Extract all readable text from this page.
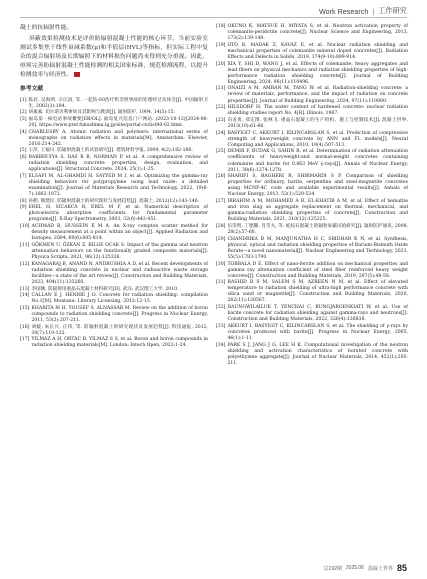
Work Research | 工作研究

凝土的抗辐射性能。

屏蔽效果检测技术是评价防辐射混凝土性能的核心环节。当前实验室测试多集焦于线性衰减系数(μ)和半值层(HVL)等指标，但实际工程中复杂的混合辐射场及长期辐照下的材料损伤问题尚未得到充分重视。因此，亟须完善防辐射混凝土性能检测的相关国家标准，规范检测流程，以提升检测效率与经济性。	E

参考文献
[1] 陈岩, 吴海明, 辛庆国, 等. 一起钴-60治疗机非照事故的处理经过及体会[J]. 中国辐射卫生, 2002(3):184.
[2] 胡素素. 切尔诺贝利事故及其影响与教训[J]. 辐射防护, 1994, 14(5):15.
[3] 福岛第一核电站事故概要[EB/OL]. 福岛复兴信息门户网站. (2023-10-12)[2024-06-20]. https://www.pref.fukushima.lg.jp/site/portal-cn/list90-02.html.
[4] CHARLESBY A. Atomic radiation and polymers: international series of monographs on radiation effects in materials[M]. Amsterdam: Elsevier, 2016:214-242.
[5] 王萍, 王福川. 防辐射混凝土的试验研究[J]. 建筑材料学报, 2009, 4(2):182-186.
[6] BARBHUIYA S, DAS B B, NORMAN P, et al. A comprehensive review of radiation shielding concrete: properties, design, evaluation, and applications[J]. Structural Concrete, 2024, 25(1):1-25.
[7] ELSAFI M, AL-GHAMDI H, SAYYED M I, et al. Optimizing the gamma-ray shielding behaviors for polypropylene using lead oxide: a detailed examination[J]. Journal of Materials Research and Technology, 2022, 19(6-7):1862-1872.
[8] 孙鹤, 熊建民. 防辐射混凝土的研究现状与发展趋势[J]. 混凝土, 2012(12):143-146.
[9] EREL H, SICAKCA R, EREL M F, et al. Numerical description of photoelectric absorption coefficients for fundamental parameter programs[J]. X-Ray Spectrometry, 2003, 32(6):442-451.
[10] ACHMAD B, HUSSEIN E M A. An X-ray compton scatter method for density measurement at a point within an object[J]. Applied Radiation and Isotopes, 2004, 60(6):805-814.
[11] GÖKMEN U, ÖZKAN Z, BILGE OCAK S. Impact of the gamma and neutron attenuation behaviors on the functionally graded composite materials[J]. Physica Scripta, 2021, 96(12):125326.
[12] KANAGARAJ B, ANAND N, ANDRUSHIA A D, et al. Recent developments of radiation shielding concrete in nuclear and radioactive waste storage facilities—a state of the art review[J]. Construction and Building Materials, 2023, 404(11):133260.
[13] 李国刚. 防辐射用重晶石混凝土材料研究[D]. 武汉: 武汉理工大学, 2010.
[14] CALLAN E J, HENRIE J O. Concrete for radiation shielding: compilation No.1[M]. Montana: Literary Licensing, 2012:12-15.
[15] KHARITA M H, YOUSEF S, ALNASSAR M. Review on the addition of boron compounds to radiation shielding concrete[J]. Progress in Nuclear Energy, 2011, 53(2):207-211.
[16] 刘媛, 朱长兵, 庄伟, 等. 防辐射混凝土的研究现状及发展趋势[J]. 科技通报, 2012, 30(7):119-122.
[17] YILMAZ A H, ORTAC B, YILMAZ S S, et al. Boron and boron compounds in radiation shielding materials[M]. London: Intech Open, 2023:1-24.
[18] OKUNO K, MATSUE H, MIYATA S, et al. Neutron activation property of colemanite-peridotite concrete[J]. Nuclear Science and Engineering, 2013, 173(2):139-149.
[19] OTO B, MADAK Z, KAVAZ E, et al. Nuclear radiation shielding and mechanical properties of colemanite mineral doped concretes[J]. Radiation Effects and Defects in Solids, 2019, 174(9-10):899-914.
[20] XIA Y, SHI D, WANG J, et al. Effects of colemanite, heavy aggregates and lead fibers on physical mechanics and radiation shielding properties of high-performance radiation shielding concrete[J]. Journal of Building Engineering, 2024, 96(11):110496.
[21] ONAIZI A M, AMRAN M, TANG W, et al. Radiation-shielding concrete: a review of materials, performance, and the impact of radiation on concrete properties[J]. Journal of Building Engineering, 2024, 97(11):110800.
[22] HILSDORF H. The water content of hardened concrete: nuclear radiation shielding studies report No. 4[R]. Illinois, 1967.
[23] 向龙勇, 邓定博, 张林飞. 重晶石混凝土的生产组织、施工与控制技术[J]. 混凝土世界, 2013(10):61-66.
[24] BASYIGIT C, AKKURT I, KILINCARSLAN S, et al. Prediction of compressive strength of heavyweight concrete by ANN and FL models[J]. Neural Computing and Applications, 2010, 19(4):507-513.
[25] DEMIR F, BUDAK G, SAHIN R, et al. Determination of radiation attenuation coefficients of heavyweight-and normal-weight concretes containing colemanite and barite for 0.863 MeV γ-rays[J]. Annals of Nuclear Energy, 2011, 38(6):1274-1278.
[26] SHARIFI S, BAGHERI R, SHIRMARDI S P. Comparison of shielding properties for ordinary, barite, serpentine and steel-magnetite concretes using MCNP-4C code and available experimental results[J]. Annals of Nuclear Energy, 2013, 53(1):529-534.
[27] IBRAHIM A M, MOHAMED A R, EL-KHATIB A M, et al. Effect of hematite and iron slag as aggregate replacement on thermal, mechanical, and gamma-radiation shielding properties of concrete[J]. Construction and Building Materials, 2021, 310(12):125225.
[28] 伍崇明, 丁德馨, 肖雪夫, 等. 蛇纹石混凝土的辐射屏蔽试验研究[J]. 辐射防护通讯, 2008, 28(2):57-60.
[29] CHANDRIKA B M, MANJUNATHA H C, SRIDHAR K N, et al. Synthesis, physical, optical and radiation shielding properties of Barium-Bismuth Oxide Borate—a novel nanomaterial[J]. Nuclear Engineering and Technology, 2023, 55(5):1783-1790.
[30] TOBBALA D E. Effect of nano-ferrite addition on mechanical properties and gamma ray attenuation coefficient of steel fiber reinforced heavy weight concrete[J]. Construction and Building Materials, 2019, 207(5):48-58.
[31] RASHID R S M, SALEM S M, AZREEN N M, et al. Effect of elevated temperature to radiation shielding of ultra-high performance concrete with silica sand or magnetite[J]. Construction and Building Materials, 2020, 262(11):120567.
[32] DAUNGWILAILUK T, YENCHAI C, RUNGJAROENKIATI W, et al. Use of barite concrete for radiation shielding against gamma-rays and neutrons[J]. Construction and Building Materials, 2022, 326(4):126838.
[33] AKKURT I, BASYIGIT C, KILINCARSLAN S, et al. The shielding of γ-rays by concretes produced with barite[J]. Progress in Nuclear Energy, 2005, 46(1):1-11.
[34] PARK S J, JANG J G, LEE H K. Computational investigation of the neutron shielding and activation characteristics of borated concrete with polyethylene aggregate[J]. Journal of Nuclear Materials, 2014, 452(1):205-211.
总192期 2025.06 混凝土世界 85
